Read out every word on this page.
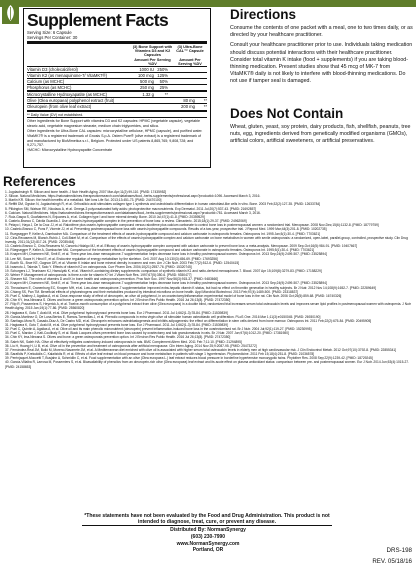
Supplement Facts
Serving Size: 6 Capsule
Servings Per Container: 30
	(3) Bone Support with Vitamins D3 and K2 Capsules		(3) Ultra-Bone CAL™ Capsule	
	Amount Per Serving %DV		Amount Per Serving %DV	
Vitamin D3 (cholecalciferol)	1000 IU	250%		
Vitamin K2 (as menaquinone-7/ VitaMK7®)	100 mcg	125%		
Calcium (as MCHC)	500 mg	50%		
Phosphorus (as MCHC)	250 mg	25%		
Microcrystalline Hydroxyapatite (as MCHC)	1.32 g	**		
Olive (Olea europaea) polyphenol extract (fruit)			80 mg	**
Oleuropein (from olive leaf extract)			200 mg	**
** Daily Value (DV) not established.
Other ingredients for Bone Support with vitamins D3 and K2 capsules: HPMC (vegetable capsule), vegetable stearic acid, vegetable magnesium stearate, medium chain triglycerides, and silica.
Other ingredients for Ultra-Bone CAL capsules: microcrystalline cellulose, HPMC (capsule), and purified water.
VitaMK7® is a registered trademark of Gnosis S.p.A. Ostem Pure® (olive extract) is a registered trademark of and manufactured by BioMimetica s.r.l., Belgium. Protected under US patents 8,865,765; 9,808,728; and 9,271,757.
†MCHC: Microcrystalline Hydroxyapatite Concentrate
Directions

Consume the contents of one packet with a meal, one to two times daily, or as directed by your healthcare practitioner.

Consult your healthcare practitioner prior to use. Individuals taking medication should discuss potential interactions with their healthcare practitioner. Consider total vitamin K intake (food + supplements) if you are taking blood-thinning medication. Present studies show that 45 mcg of MK-7 from VitaMK7® daily is not likely to interfere with blood-thinning medications. Do not use if tamper seal is damaged.

Does Not Contain
Wheat, gluten, yeast, soy protein, dairy products, fish, shellfish, peanuts, tree nuts, egg, ingredients derived from genetically modified organisms (GMOs), artificial colors, artificial sweeteners, or artificial preservatives.
References
1. Jugdaohsingh R. Silicon and bone health. J Nutr Health Aging. 2007 Mar-Apr;11(2):99-110. [PMID: 17435952]
2. Silicon. Natural Medicines. https://naturalmedicines.therapeuticresearch.com/databases/food,-herbs-supplements/professional.aspx?productid=1096. Accessed March 3, 2016.
3. Martin KR. Silicon: the health benefits of a metalloid. Met Ions Life Sci. 2013;13:451-73. [PMID: 24470100]
4. Reffitt DM, Ogston N, Jugdaohsingh R, et al. Orthosilicic acid stimulates collagen type 1 synthesis and osteoblastic differentiation in human osteoblast-like cells in vitro. Bone. 2003 Feb;32(2):127-35. [PMID: 12633784]
5. Pilkington SM, Watson RE, Nicolaou A, et al. Omega-3 polyunsaturated fatty acids: photoprotective macronutrients. Exp Dermatol. 2011 Jul;20(7):537-43. [PMID: 21692857]
6. Calcium. Natural Medicines. https://naturalmedicines.therapeuticresearch.com/databases/food,-herbs-supplements/professional.aspx?productid=781. Accessed March 3, 2016.
7. Ruiz-Gaspa S, Guañabens N, Enjuanes A, et al. Collagen type I and bone mineral density. Bone. 2010 Jul;47(1):41-8. [PMID: 20359529]
8. Castelo-Branco C, Dávila Guardia J. Use of ossein-hydroxyapatite complex in the prevention of bone loss: a review. Climacteric. 2015;18(1):29-37. [PMID: 24962069]
9. Pelayo I, Haya J, De la Cruz JJ, et al. Raloxifene plus ossein-hydroxyapatite compound versus raloxifene plus calcium carbonate to control bone loss in postmenopausal women: a randomized trial. Menopause. 2008 Nov-Dec;15(6):1132-8. [PMID: 18779759]
10. Castelo-Branco C, Pons F, Vicente JJ, et al. Preventing postmenopausal bone loss with ossein-hydroxyapatite compounds. Results of a two-year, prospective trial. J Reprod Med. 1999 Mar;44(3):201-8. [PMID: 10202735]
11. Ruegsegger P, Keller A, Dambacher MA. Comparison of the treatment effects of ossein-hydroxyapatite compound and calcium carbonate in osteoporotic females. Osteoporos Int. 1995 Jan;5(1):30-4. [PMID: 7703621]
12. Ciria-Recasens M, Blanch-Rubió J, Coll-Batet M, et al. Comparison of the effects of ossein-hydroxyapatite complex and calcium carbonate on bone metabolism in women with senile osteoporosis: a randomized, open-label, parallel-group, controlled, prospective study. Clin Drug Investig. 2011;31(12):817-24. [PMID: 22035464]
13. Castelo-Branco C, Ciria-Recasens M, Cancelo-Hidalgo MJ, et al. Efficacy of ossein-hydroxyapatite complex compared with calcium carbonate to prevent bone loss: a meta-analysis. Menopause. 2009 Sep-Oct;16(5):984-91. [PMID: 19407667]
14. Rüegsegger P, Keller A, Dambacher MA. Comparison of the treatment effects of ossein-hydroxyapatite compound and calcium carbonate in osteoporotic females. Osteoporos Int. 1995;5(1):30-4. [PMID: 7703621]
15. Knapen MH, Drummen NE, Smit E, et al. Three-year low-dose menaquinone-7 supplementation helps decrease bone loss in healthy postmenopausal women. Osteoporos Int. 2013 Sep;24(9):2499-507. [PMID: 23525894]
16. Lee NK, Sowa H, Hinoi E, et al. Endocrine regulation of energy metabolism by the skeleton. Cell. 2007 Aug 10;130(3):456-69. [PMID: 17693256]
17. Booth SL, Broe KE, Gagnon DR, et al. Vitamin K intake and bone mineral density in women and men. Am J Clin Nutr. 2003 Feb;77(2):512-6. [PMID: 12540415]
18. Iwamoto J, Takeda T, Sato Y. Effects of vitamin K2 on osteoporosis. Curr Pharm Des. 2004;10(21):2557-76. [PMID: 15320745]
19. Schurgers LJ, Teunissen KJ, Hamulyák K, et al. Vitamin K-containing dietary supplements: comparison of synthetic vitamin K1 and natto-derived menaquinone-7. Blood. 2007 Apr 15;109(8):3279-83. [PMID: 17158229]
20. Weber P. Management of osteoporosis: is there a role for vitamin K? Int J Vitam Nutr Res. 1997;67(5):350-6. [PMID: 9350477]
21. Shearer MJ. The roles of vitamins D and K in bone health and osteoporosis prevention. Proc Nutr Soc. 1997 Nov;56(3):915-37. [PMID: 9483660]
22. Knapen MH, Drummen NE, Smit E, et al. Three-year low-dose menaquinone-7 supplementation helps decrease bone loss in healthy postmenopausal women. Osteoporos Int. 2013 Sep;24(9):2499-507. [PMID: 23525894]
23. Theuwissen E, Cranenburg EC, Knapen MH, et al. Low-dose menaquinone-7 supplementation improved extra-hepatic vitamin K status, but had no effect on thrombin generation in healthy subjects. Br J Nutr. 2012 Nov 14;108(9):1652-7. [PMID: 22289649]
24. Chiang SS, Pan TM. Beneficial effects of phytoestrogens and their metabolites produced by intestinal microflora on bone health. Appl Microbiol Biotechnol. 2013 Feb;97(4):1489-500. [PMID: 23318837]
25. Puel C, Mathey J, Agalias A, et al. Dose-response study of effect of oleuropein, an olive oil polyphenol, in an ovariectomy/inflammation experimental model of bone loss in the rat. Clin Nutr. 2006 Oct;25(5):859-68. [PMID: 16740326]
26. Chin KY, Ima-Nirwana S. Olives and bone: a green osteoporosis prevention option. Int J Environ Res Public Health. 2016 Jul 26;13(8). [PMID: 27472350]
27. Filip R, Possemiers S, Heyerick A, et al. Twelve-month consumption of a polyphenol extract from olive (Olea europaea) in a double blind, randomized trial increases serum total osteocalcin levels and improves serum lipid profiles in postmenopausal women with osteopenia. J Nutr Health Aging. 2015 Jan;19(1):77-86. [PMID: 25560820]
28. Hagiwara K, Goto T, Araki M, et al. Olive polyphenol hydroxytyrosol prevents bone loss. Eur J Pharmacol. 2011 Jul 1;662(1-3):78-84. [PMID: 21539839]
29. García-Martínez O, De Luna-Bertos E, Ramos-Torrecillas J, et al. Phenolic compounds in extra virgin olive oil stimulate human osteoblastic cell proliferation. PLoS One. 2016 Mar 1;11(3):e0150045. [PMID: 26930190]
30. Santiago-Mora R, Casado-Díaz A, De Castro MD, et al. Oleuropein enhances osteoblastogenesis and inhibits adipogenesis: the effect on differentiation in stem cells derived from bone marrow. Osteoporos Int. 2011 Feb;22(2):675-84. [PMID: 20495905]
31. Hagiwara K, Goto T, Araki M, et al. Olive polyphenol hydroxytyrosol prevents bone loss. Eur J Pharmacol. 2011 Jul 1;662(1-3):78-84. [PMID: 21539839]
32. Puel C, Quintin A, Agalias A, et al. Olive oil and its main phenolic micronutrient (oleuropein) prevent inflammation-induced bone loss in the ovariectomised rat. Br J Nutr. 2004 Jul;92(1):119-27. [PMID: 15230995]
33. Puel C, Mardon J, Kati-Coulibaly S, et al. Black Lucques olives prevented bone loss caused by ovariectomy and talc granulomatosis in rats. Br J Nutr. 2007 Jun;97(6):1012-20. [PMID: 17381980]
34. Chin KY, Ima-Nirwana S. Olives and bone: a green osteoporosis prevention option. Int J Environ Res Public Health. 2016 Jul 26;13(8). [PMID: 27472350]
35. Saleh NK, Saleh HA. Olive oil effectively mitigates ovariectomy-induced osteoporosis in rats. BMC Complement Altern Med. 2011 Feb 7;11:10. [PMID: 21294895]
36. Liu H, Huang H, Li B, et al. Olive oil in the prevention and treatment of osteoporosis after artificial menopause. Clin Interv Aging. 2014 Nov 25;9:2087-95. [PMID: 25473272]
37. Fernández-Real JM, Bulló M, Moreno-Navarrete JM, et al. A Mediterranean diet enriched with olive oil is associated with higher serum total osteocalcin levels in elderly men at high cardiovascular risk. J Clin Endocrinol Metab. 2012 Oct;97(10):3792-8. [PMID: 22855341]
38. Sarafidis P, Krekukidis C, Kalaitzidis R, et al. Effects of olive leaf extract on blood pressure and bone metabolism in patients with stage 1 hypertension. Phytomedicine. 2011 Feb 15;18(4):251-8. [PMID: 21036578]
39. Perrinjaquet-Moccetti T, Busjahn A, Schmidlin C, et al. Food supplementation with an olive (Olea europaea L.) leaf extract reduces blood pressure in borderline hypertensive monozygotic twins. Phytother Res. 2008 Sep;22(9):1239-42. [PMID: 18729245]
40. García-Villalba R, Larrosa M, Possemiers S, et al. Bioavailability of phenolics from an oleuropein-rich olive (Olea europaea) leaf extract and its acute effect on plasma antioxidant status: comparison between pre- and postmenopausal women. Eur J Nutr. 2014 Jun;53(4):1015-27. [PMID: 24158653]
*These statements have not been evaluated by the Food and Drug Administration. This product is not intended to diagnose, treat, cure, or prevent any disease.
Distributed By: NormanSynergy
(603) 230-7990
www.NormanSynergy.com
Portland, OR	DRS-198
REV. 05/18/16
